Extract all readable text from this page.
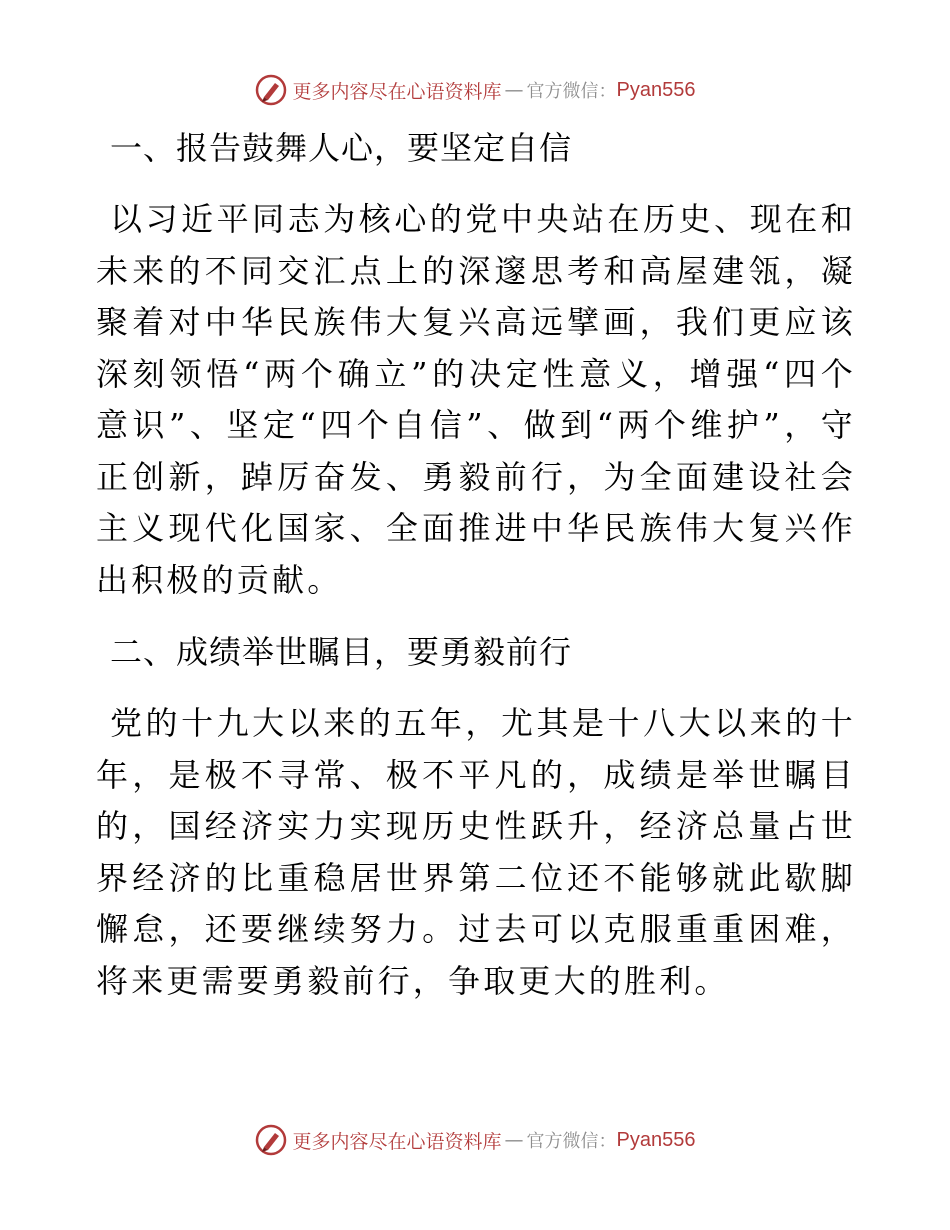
更多内容尽在心语资料库 — 官方微信： Pyan556
一、报告鼓舞人心，要坚定自信
以习近平同志为核心的党中央站在历史、现在和未来的不同交汇点上的深邃思考和高屋建瓴，凝聚着对中华民族伟大复兴高远擘画，我们更应该深刻领悟“两个确立”的决定性意义，增强“四个意识”、坚定“四个自信”、做到“两个维护”，守正创新，踔厉奋发、勇毅前行，为全面建设社会主义现代化国家、全面推进中华民族伟大复兴作出积极的贡献。
二、成绩举世瞩目，要勇毅前行
党的十九大以来的五年，尤其是十八大以来的十年，是极不寻常、极不平凡的，成绩是举世瞩目的，国经济实力实现历史性跃升，经济总量占世界经济的比重稳居世界第二位还不能够就此歇脚懈怠，还要继续努力。过去可以克服重重困难，将来更需要勇毅前行，争取更大的胜利。
更多内容尽在心语资料库 — 官方微信： Pyan556
